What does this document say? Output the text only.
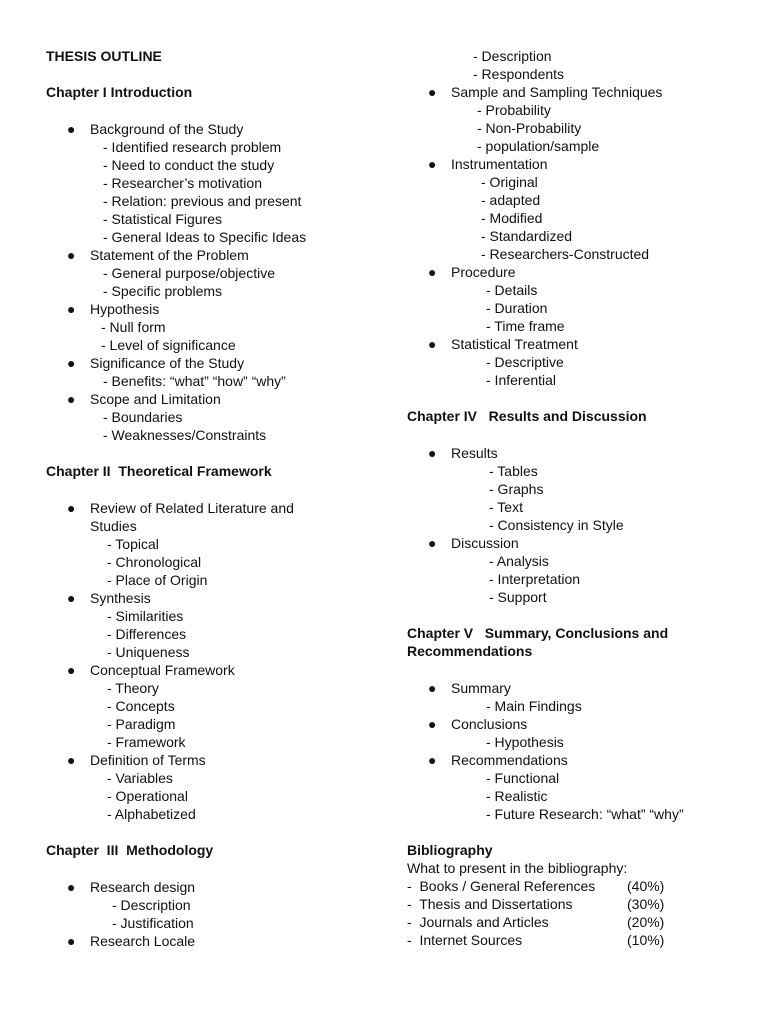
THESIS OUTLINE

Chapter I Introduction

● Background of the Study

- Identified research problem

- Need to conduct the study

- Researcher’s motivation

- Relation: previous and present

- Statistical Figures

- General Ideas to Specific Ideas

● Statement of the Problem

- General purpose/objective

- Specific problems

● Hypothesis

- Null form

- Level of significance

● Significance of the Study

- Benefits: “what” “how” “why”

● Scope and Limitation

- Boundaries

- Weaknesses/Constraints

Chapter II  Theoretical Framework

● Review of Related Literature and

Studies

- Topical

- Chronological

- Place of Origin

● Synthesis

- Similarities

- Differences

- Uniqueness

● Conceptual Framework

- Theory

- Concepts

- Paradigm

- Framework

● Definition of Terms

- Variables

- Operational

- Alphabetized

Chapter  III  Methodology

● Research design

- Description

- Justification

● Research Locale

- Description

- Respondents

● Sample and Sampling Techniques

- Probability

- Non-Probability

- population/sample

● Instrumentation

- Original

- adapted

- Modified

- Standardized

- Researchers-Constructed

● Procedure

- Details

- Duration

- Time frame

● Statistical Treatment

- Descriptive

- Inferential

Chapter IV   Results and Discussion

● Results

- Tables

- Graphs

- Text

- Consistency in Style

● Discussion

- Analysis

- Interpretation

- Support

Chapter V   Summary, Conclusions and

Recommendations

● Summary

- Main Findings

● Conclusions

- Hypothesis

● Recommendations

- Functional

- Realistic

- Future Research: “what” “why”

Bibliography

What to present in the bibliography:

-  Books / General References	(40%)
-  Thesis and Dissertations	(30%)
-  Journals and Articles	(20%)
-  Internet Sources	(10%)
